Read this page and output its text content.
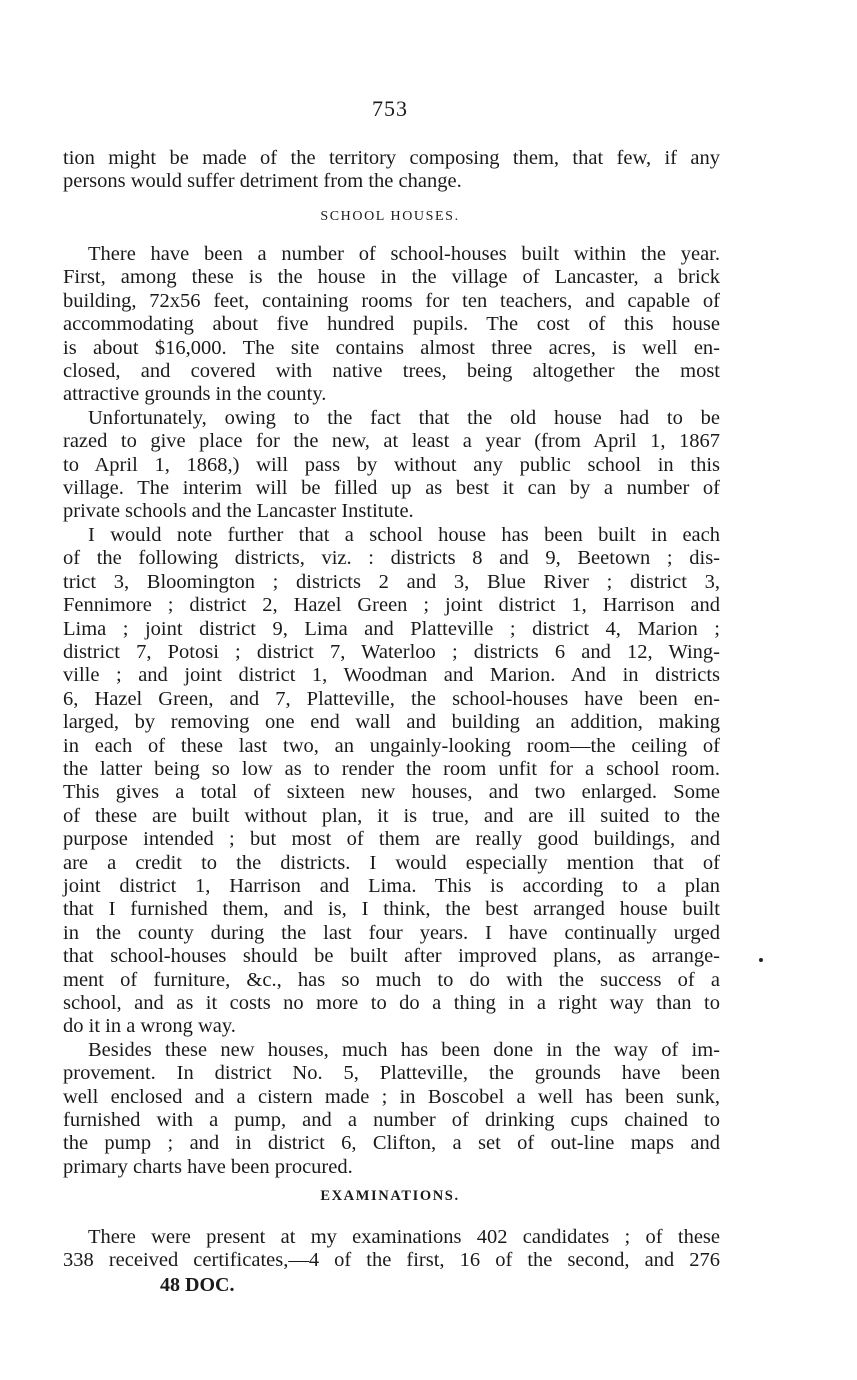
753
tion might be made of the territory composing them, that few, if any
persons would suffer detriment from the change.
SCHOOL HOUSES.
There have been a number of school-houses built within the year.
First, among these is the house in the village of Lancaster, a brick
building, 72x56 feet, containing rooms for ten teachers, and capable of
accommodating about five hundred pupils. The cost of this house
is about $16,000. The site contains almost three acres, is well en-
closed, and covered with native trees, being altogether the most
attractive grounds in the county.
Unfortunately, owing to the fact that the old house had to be
razed to give place for the new, at least a year (from April 1, 1867
to April 1, 1868,) will pass by without any public school in this
village. The interim will be filled up as best it can by a number of
private schools and the Lancaster Institute.
I would note further that a school house has been built in each
of the following districts, viz. : districts 8 and 9, Beetown ; dis-
trict 3, Bloomington ; districts 2 and 3, Blue River ; district 3,
Fennimore ; district 2, Hazel Green ; joint district 1, Harrison and
Lima ; joint district 9, Lima and Platteville ; district 4, Marion ;
district 7, Potosi ; district 7, Waterloo ; districts 6 and 12, Wing-
ville ; and joint district 1, Woodman and Marion. And in districts
6, Hazel Green, and 7, Platteville, the school-houses have been en-
larged, by removing one end wall and building an addition, making
in each of these last two, an ungainly-looking room—the ceiling of
the latter being so low as to render the room unfit for a school room.
This gives a total of sixteen new houses, and two enlarged. Some
of these are built without plan, it is true, and are ill suited to the
purpose intended ; but most of them are really good buildings, and
are a credit to the districts. I would especially mention that of
joint district 1, Harrison and Lima. This is according to a plan
that I furnished them, and is, I think, the best arranged house built
in the county during the last four years. I have continually urged
that school-houses should be built after improved plans, as arrange-
ment of furniture, &c., has so much to do with the success of a
school, and as it costs no more to do a thing in a right way than to
do it in a wrong way.
Besides these new houses, much has been done in the way of im-
provement. In district No. 5, Platteville, the grounds have been
well enclosed and a cistern made ; in Boscobel a well has been sunk,
furnished with a pump, and a number of drinking cups chained to
the pump ; and in district 6, Clifton, a set of out-line maps and
primary charts have been procured.
EXAMINATIONS.
There were present at my examinations 402 candidates ; of these
338 received certificates,—4 of the first, 16 of the second, and 276
48 DOC.
